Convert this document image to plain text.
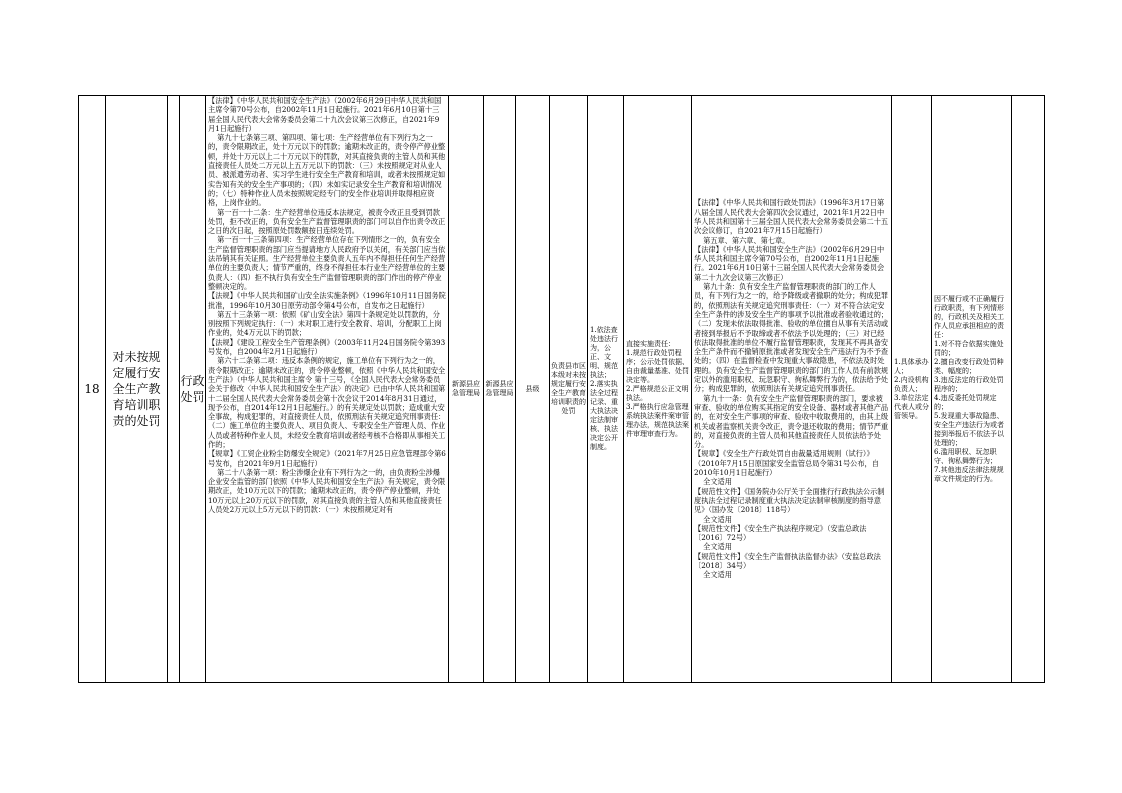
18	对未按规定履行安全生产教育培训职责的处罚		行政处罚	【法律】《中华人民共和国安全生产法》（2002年6月29日中华人民共和国主席令第70号公布，自2002年11月1日起施行。2021年6月10日第十三届全国人民代表大会常务委员会第二十九次会议第三次修正，自2021年9月1日起施行）
第九十七条第三项、第四项、第七项：生产经营单位有下列行为之一的，责令限期改正，处十万元以下的罚款；逾期未改正的，责令停产停业整顿，并处十万元以上二十万元以下的罚款，对其直接负责的主管人员和其他直接责任人员处二万元以上五万元以下的罚款：（三）未按照规定对从业人员、被派遣劳动者、实习学生进行安全生产教育和培训，或者未按照规定如实告知有关的安全生产事项的；（四）未如实记录安全生产教育和培训情况的；（七）特种作业人员未按照规定经专门的安全作业培训并取得相应资格，上岗作业的。
第一百一十二条：生产经营单位违反本法规定，被责令改正且受到罚款处罚，拒不改正的，负有安全生产监督管理职责的部门可以自作出责令改正之日的次日起，按照原处罚数额按日连续处罚。
第一百一十三条第四项：生产经营单位存在下列情形之一的，负有安全生产监督管理职责的部门应当提请地方人民政府予以关闭，有关部门应当依法吊销其有关证照。生产经营单位主要负责人五年内不得担任任何生产经营单位的主要负责人；情节严重的，终身不得担任本行业生产经营单位的主要负责人：（四）拒不执行负有安全生产监督管理职责的部门作出的停产停业整顿决定的。
【法规】《中华人民共和国矿山安全法实施条例》（1996年10月11日国务院批准，1996年10月30日原劳动部令第4号公布，自发布之日起施行）
第五十三条第一项：依照《矿山安全法》第四十条规定处以罚款的，分别按照下列规定执行：（一）未对职工进行安全教育、培训，分配职工上岗作业的，处4万元以下的罚款；
【法规】《建设工程安全生产管理条例》（2003年11月24日国务院令第393号发布，自2004年2月1日起施行）
第六十二条第二项：违反本条例的规定，施工单位有下列行为之一的，责令限期改正；逾期未改正的，责令停业整顿，依照《中华人民共和国安全生产法》（中华人民共和国主席令 第十三号，《全国人民代表大会常务委员会关于修改〈中华人民共和国安全生产法〉的决定》已由中华人民共和国第十二届全国人民代表大会常务委员会第十次会议于2014年8月31日通过，现予公布，自2014年12月1日起施行。）的有关规定处以罚款；造成重大安全事故，构成犯罪的，对直接责任人员，依照刑法有关规定追究刑事责任：（二）施工单位的主要负责人、项目负责人、专职安全生产管理人员、作业人员或者特种作业人员，未经安全教育培训或者经考核不合格即从事相关工作的；
【规章】《工贸企业粉尘防爆安全规定》（2021年7月25日应急管理部令第6号发布，自2021年9月1日起施行）
第二十八条第一项：粉尘涉爆企业有下列行为之一的，由负责粉尘涉爆企业安全监管的部门依照《中华人民共和国安全生产法》有关规定，责令限期改正，处10万元以下的罚款；逾期未改正的，责令停产停业整顿，并处10万元以上20万元以下的罚款，对其直接负责的主管人员和其他直接责任人员处2万元以上5万元以下的罚款：（一）未按照规定对有	新源县应急管理局	新源县应急管理局	县级	负责县市区本级对未按规定履行安全生产教育培训职责的处罚	1.依法查处违法行为，公正、文明、规范执法；
2.落实执法全过程记录、重大执法决定法制审核、执法决定公开制度。	直接实施责任：
1.规范行政处罚程序；公示处罚依据、自由裁量基准、处罚决定等。
2.严格规范公正文明执法。
3.严格执行应急管理系统执法案件案审管理办法，规范执法案件审理审查行为。	【法律】《中华人民共和国行政处罚法》（1996年3月17日第八届全国人民代表大会第四次会议通过，2021年1月22日中华人民共和国第十三届全国人民代表大会常务委员会第二十五次会议修订，自2021年7月15日起施行）
第五章、第六章、第七章。
【法律】《中华人民共和国安全生产法》（2002年6月29日中华人民共和国主席令第70号公布，自2002年11月1日起施行。2021年6月10日第十三届全国人民代表大会常务委员会第二十九次会议第三次修正）
第九十条：负有安全生产监督管理职责的部门的工作人员，有下列行为之一的，给予降级或者撤职的处分；构成犯罪的，依照刑法有关规定追究刑事责任：（一）对不符合法定安全生产条件的涉及安全生产的事项予以批准或者验收通过的；（二）发现未依法取得批准、验收的单位擅自从事有关活动或者接到举报后不予取缔或者不依法予以处理的；（三）对已经依法取得批准的单位不履行监督管理职责，发现其不再具备安全生产条件而不撤销原批准或者发现安全生产违法行为不予查处的；（四）在监督检查中发现重大事故隐患，不依法及时处理的。负有安全生产监督管理职责的部门的工作人员有前款规定以外的滥用职权、玩忽职守、徇私舞弊行为的，依法给予处分；构成犯罪的，依照刑法有关规定追究刑事责任。
第九十一条：负有安全生产监督管理职责的部门，要求被审查、验收的单位购买其指定的安全设备、器材或者其他产品的，在对安全生产事项的审查、验收中收取费用的，由其上级机关或者监察机关责令改正，责令退还收取的费用；情节严重的，对直接负责的主管人员和其他直接责任人员依法给予处分。
【规章】《安全生产行政处罚自由裁量适用规则（试行）》（2010年7月15日原国家安全监管总局令第31号公布，自2010年10月1日起施行）
全文适用
【规范性文件】《国务院办公厅关于全面推行行政执法公示制度执法全过程记录制度重大执法决定法制审核制度的指导意见》（国办发〔2018〕118号）
全文适用
【规范性文件】《安全生产执法程序规定》（安监总政法〔2016〕72号）
全文适用
【规范性文件】《安全生产监督执法监督办法》（安监总政法〔2018〕34号）
全文适用	1.具体承办人；
2.内设机构负责人；
3.单位法定代表人或分管领导。	因不履行或不正确履行行政职责，有下列情形的，行政机关及相关工作人员应承担相应的责任：
1.对不符合依据实施处罚的；
2.擅自改变行政处罚种类、幅度的；
3.违反法定的行政处罚程序的；
4.违反委托处罚规定的；
5.发现重大事故隐患、安全生产违法行为或者接到举报后不依法予以处理的；
6.滥用职权、玩忽职守、徇私舞弊行为；
7.其他违反法律法规规章文件规定的行为。	
